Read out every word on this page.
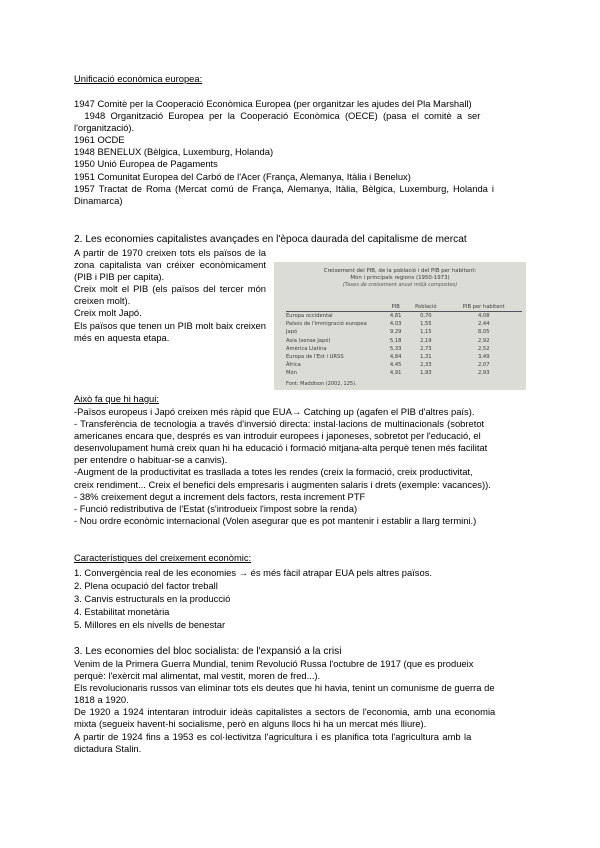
Unificació econòmica europea:
1947 Comitè per la Cooperació Econòmica Europea (per organitzar les ajudes del Pla Marshall)
1948 Organització Europea per la Cooperació Econòmica (OECE) (pasa el comitè a ser
l'organització).
1961 OCDE
1948 BENELUX (Bèlgica, Luxemburg, Holanda)
1950 Unió Europea de Pagaments
1951 Comunitat Europea del Carbó de l'Acer (França, Alemanya, Itàlia i Benelux)
1957 Tractat de Roma (Mercat comú de França, Alemanya, Itàlia, Bèlgica, Luxemburg, Holanda i
Dinamarca)
2. Les economies capitalistes avançades en l'època daurada del capitalisme de mercat
A partir de 1970 creixen tots els països de la zona capitalista van créixer econòmicament (PIB i PIB per capita).
Creix molt el PIB (els països del tercer món creixen molt).
Creix molt Japó.
Els països que tenen un PIB molt baix creixen més en aquesta etapa.
Creixement del PIB, de la població i del PIB per habitant:
Món i principals regions (1950-1973)
(Taxes de creixement anual mitjà compostes)
	PIB	Població	PIB per habitant
Europa occidental	4,81	0,70	4,08
Països de l'immigració europea	4,03	1,55	2,44
Japó	9,29	1,15	8,05
Asia (sense Japó)	5,18	2,19	2,92
Amèrica Llatina	5,33	2,73	2,52
Europa de l'Est i URSS	4,84	1,31	3,49
Àfrica	4,45	2,33	2,07
Món	4,91	1,93	2,93
Font: Maddison (2002, 125).
Això fa que hi hagui:
-Països europeus i Japó creixen més ràpid que EUA→ Catching up (agafen el PIB d'altres país).
- Transferència de tecnologia a través d'inversió directa: instal·lacions de multinacionals (sobretot
americanes encara que, després es van introduir europees i japoneses, sobretot per l'educació, el
desenvolupament humà creix quan hi ha educació i formació mitjana-alta perquè tenen més facilitat
per entendre o habituar-se a canvis).
-Augment de la productivitat es trasllada a totes les rendes (creix la formació, creix productivitat,
creix rendiment... Creix el benefici dels empresaris i augmenten salaris i drets (exemple: vacances)).
- 38% creixement degut a increment dels factors, resta increment PTF
- Funció redistributiva de l'Estat (s'introdueix l'impost sobre la renda)
- Nou ordre econòmic internacional (Volen asegurar que es pot mantenir i establir a llarg termini.)
Característiques del creixement econòmic:
1. Convergència real de les economies → és més fàcil atrapar EUA pels altres països.
2. Plena ocupació del factor treball
3. Canvis estructurals en la producció
4. Estabilitat monetària
5. Millores en els nivells de benestar
3. Les economies del bloc socialista: de l'expansió a la crisi
Venim de la Primera Guerra Mundial, tenim Revolució Russa l'octubre de 1917 (que es produeix
perquè: l'exèrcit mal alimentat, mal vestit, moren de fred...).
Els revolucionaris russos van eliminar tots els deutes que hi havia, tenint un comunisme de guerra de
1818 a 1920.
De 1920 a 1924 intentaran introduir ideàs capitalistes a sectors de l'economia, amb una economia
mixta (segueix havent-hi socialisme, però en alguns llocs hi ha un mercat més lliure).
A partir de 1924 fins a 1953 es col·lectivitza l'agricultura i es planifica tota l'agricultura amb la
dictadura Stalin.
